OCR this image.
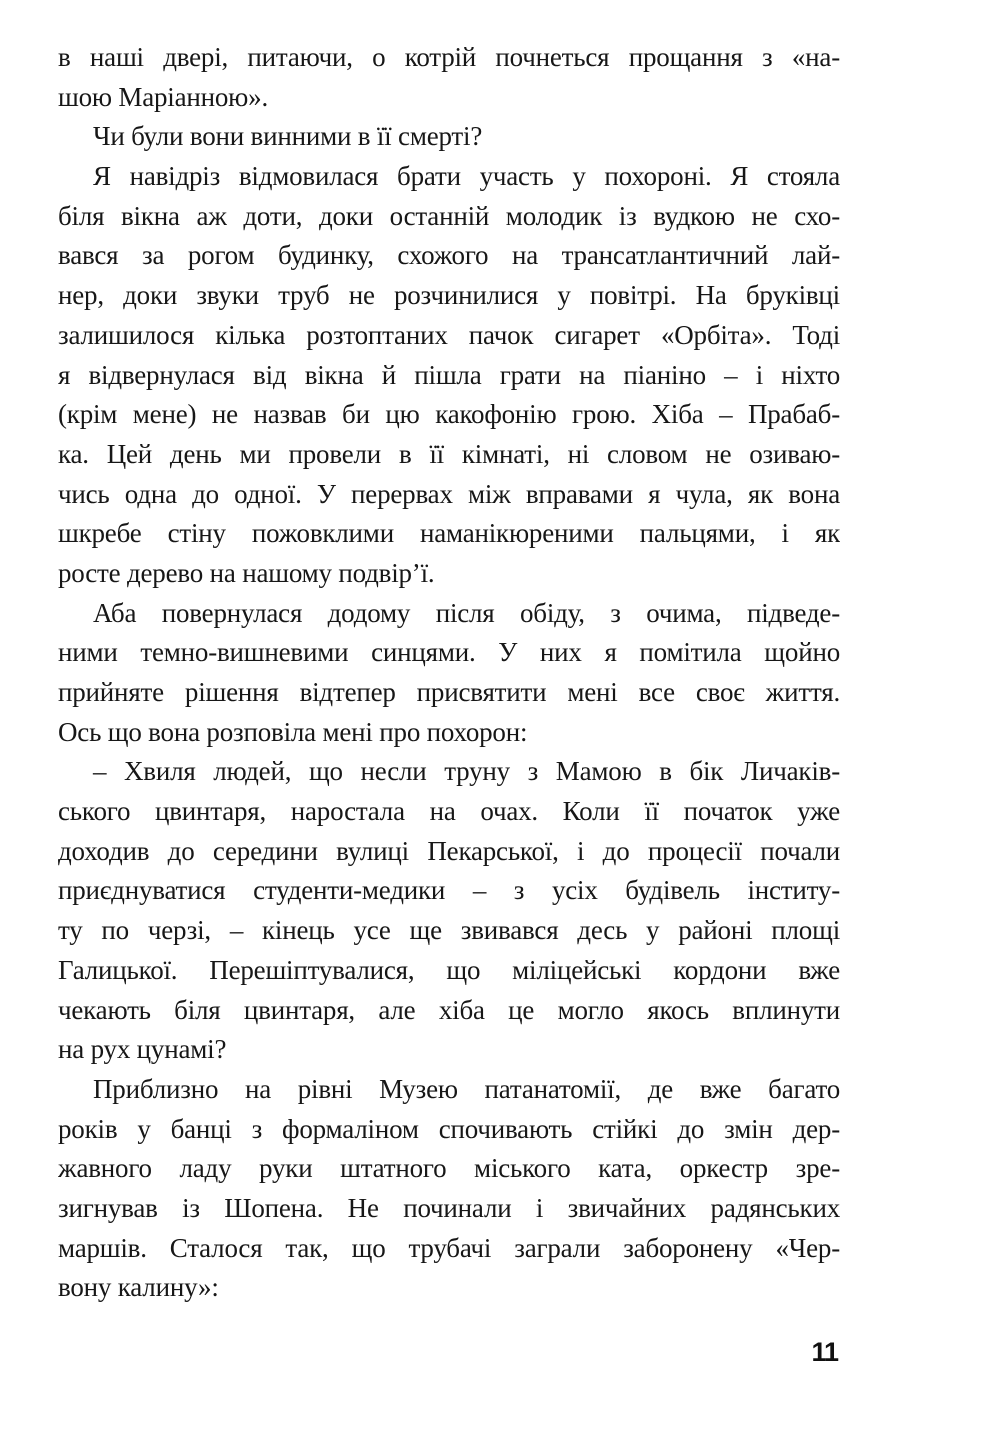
в наші двері, питаючи, о котрій почнеться прощання з «на-
шою Маріанною».
Чи були вони винними в її смерті?
Я навідріз відмовилася брати участь у похороні. Я стояла
біля вікна аж доти, доки останній молодик із вудкою не схо-
вався за рогом будинку, схожого на трансатлантичний лай-
нер, доки звуки труб не розчинилися у повітрі. На бруківці
залишилося кілька розтоптаних пачок сигарет «Орбіта». Тоді
я відвернулася від вікна й пішла грати на піаніно – і ніхто
(крім мене) не назвав би цю какофонію грою. Хіба – Прабаб-
ка. Цей день ми провели в її кімнаті, ні словом не озиваю-
чись одна до одної. У перервах між вправами я чула, як вона
шкребе стіну пожовклими наманікюреними пальцями, і як
росте дерево на нашому подвір’ї.
Аба повернулася додому після обіду, з очима, підведе-
ними темно-вишневими синцями. У них я помітила щойно
прийняте рішення відтепер присвятити мені все своє життя.
Ось що вона розповіла мені про похорон:
– Хвиля людей, що несли труну з Мамою в бік Личаків-
ського цвинтаря, наростала на очах. Коли її початок уже
доходив до середини вулиці Пекарської, і до процесії почали
приєднуватися студенти-медики – з усіх будівель інститу-
ту по черзі, – кінець усе ще звивався десь у районі площі
Галицької. Перешіптувалися, що міліцейські кордони вже
чекають біля цвинтаря, але хіба це могло якось вплинути
на рух цунамі?
Приблизно на рівні Музею патанатомії, де вже багато
років у банці з формаліном спочивають стійкі до змін дер-
жавного ладу руки штатного міського ката, оркестр зре-
зигнував із Шопена. Не починали і звичайних радянських
маршів. Сталося так, що трубачі заграли заборонену «Чер-
вону калину»:
11
